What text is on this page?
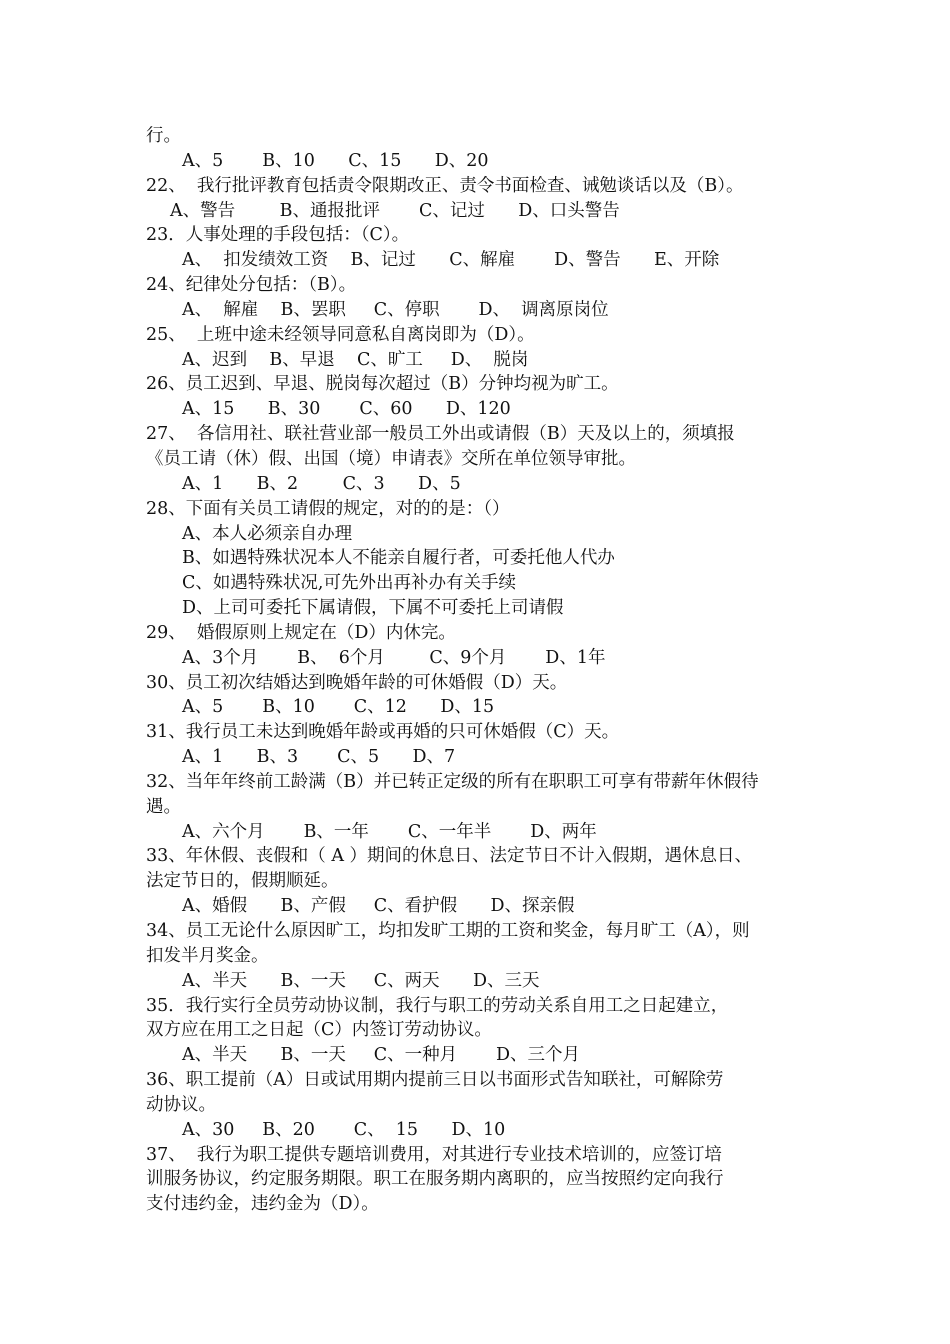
行。
A、5       B、10      C、15      D、20
22、  我行批评教育包括责令限期改正、责令书面检查、诫勉谈话以及（B）。
A、警告        B、通报批评       C、记过      D、口头警告
23．人事处理的手段包括：（C）。
A、  扣发绩效工资    B、记过      C、解雇       D、警告      E、开除
24、纪律处分包括：（B）。
A、  解雇    B、罢职     C、停职       D、  调离原岗位
25、  上班中途未经领导同意私自离岗即为（D）。
A、迟到    B、早退    C、旷工     D、  脱岗
26、员工迟到、早退、脱岗每次超过（B）分钟均视为旷工。
A、15      B、30       C、60      D、120
27、  各信用社、联社营业部一般员工外出或请假（B）天及以上的，须填报
《员工请（休）假、出国（境）申请表》交所在单位领导审批。
A、1      B、2        C、3      D、5
28、下面有关员工请假的规定，对的的是：（）
A、本人必须亲自办理
B、如遇特殊状况本人不能亲自履行者，可委托他人代办
C、如遇特殊状况,可先外出再补办有关手续
D、上司可委托下属请假，下属不可委托上司请假
29、  婚假原则上规定在（D）内休完。
A、3个月       B、  6个月        C、9个月       D、1年
30、员工初次结婚达到晚婚年龄的可休婚假（D）天。
A、5       B、10       C、12      D、15
31、我行员工未达到晚婚年龄或再婚的只可休婚假（C）天。
A、1      B、3       C、5      D、7
32、当年年终前工龄满（B）并已转正定级的所有在职职工可享有带薪年休假待
遇。
A、六个月       B、一年       C、一年半       D、两年
33、年休假、丧假和（ A ）期间的休息日、法定节日不计入假期，遇休息日、
法定节日的，假期顺延。
A、婚假      B、产假     C、看护假      D、探亲假
34、员工无论什么原因旷工，均扣发旷工期的工资和奖金，每月旷工（A），则
扣发半月奖金。
A、半天      B、一天     C、两天      D、三天
35．我行实行全员劳动协议制，我行与职工的劳动关系自用工之日起建立，
双方应在用工之日起（C）内签订劳动协议。
A、半天      B、一天     C、一种月       D、三个月
36、职工提前（A）日或试用期内提前三日以书面形式告知联社，可解除劳
动协议。
A、30     B、20       C、  15      D、10
37、  我行为职工提供专题培训费用，对其进行专业技术培训的，应签订培
训服务协议，约定服务期限。职工在服务期内离职的，应当按照约定向我行
支付违约金，违约金为（D）。
